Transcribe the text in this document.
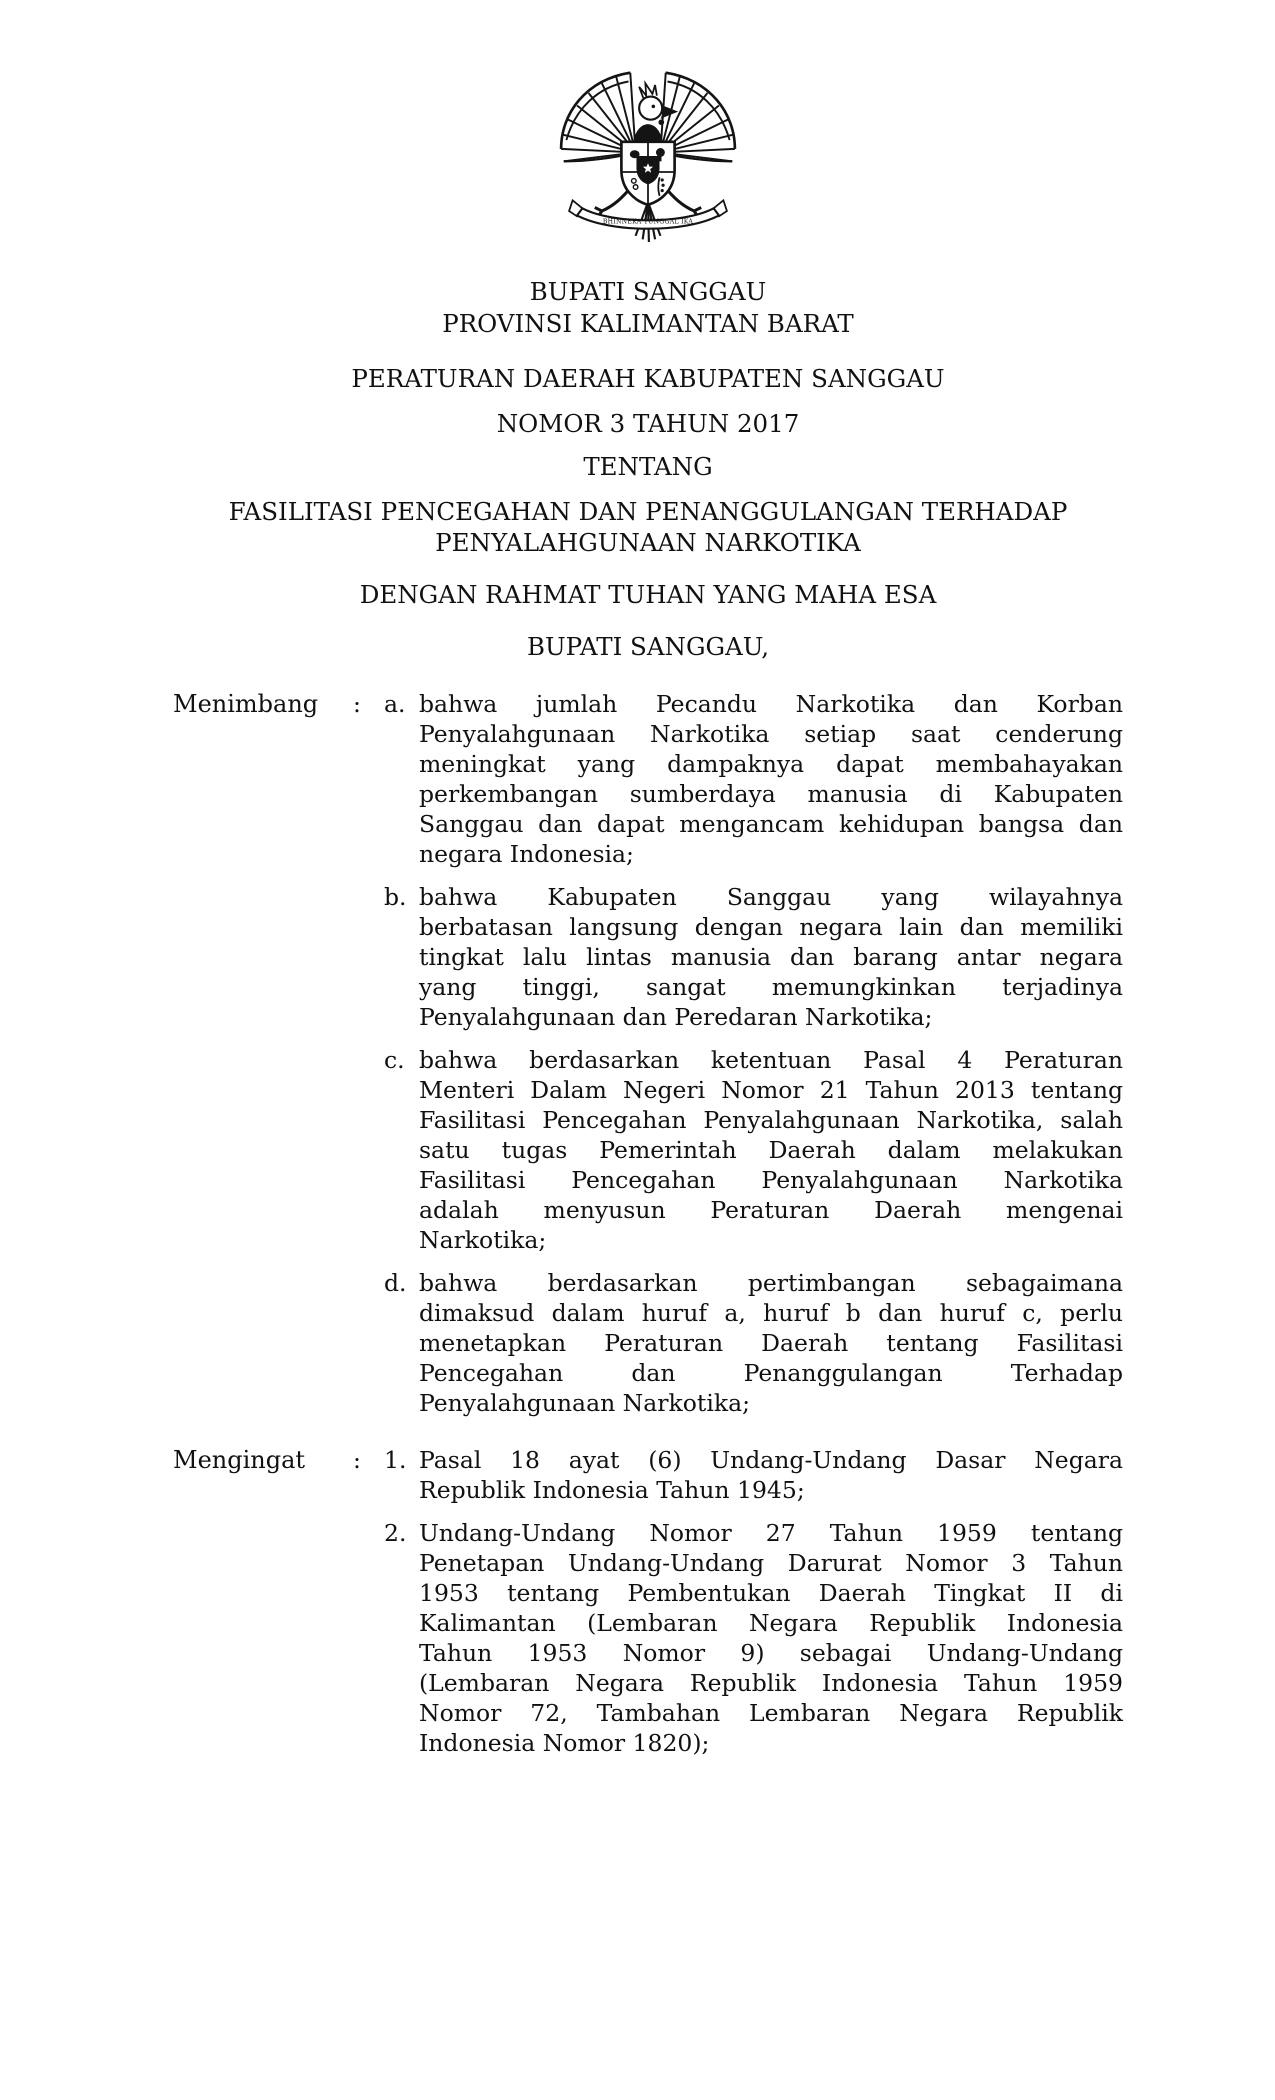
BHINNEKA TUNGGAL IKA
BUPATI SANGGAU
PROVINSI KALIMANTAN BARAT
PERATURAN DAERAH KABUPATEN SANGGAU
NOMOR 3 TAHUN 2017
TENTANG
FASILITASI PENCEGAHAN DAN PENANGGULANGAN TERHADAP
PENYALAHGUNAAN NARKOTIKA
DENGAN RAHMAT TUHAN YANG MAHA ESA
BUPATI SANGGAU,
Menimbang	: a. bahwa jumlah Pecandu Narkotika dan Korban
Penyalahgunaan Narkotika setiap saat cenderung
meningkat yang dampaknya dapat membahayakan
perkembangan sumberdaya manusia di Kabupaten
Sanggau dan dapat mengancam kehidupan bangsa dan
negara Indonesia;
b. bahwa Kabupaten Sanggau yang wilayahnya
berbatasan langsung dengan negara lain dan memiliki
tingkat lalu lintas manusia dan barang antar negara
yang tinggi, sangat memungkinkan terjadinya
Penyalahgunaan dan Peredaran Narkotika;
c. bahwa berdasarkan ketentuan Pasal 4 Peraturan
Menteri Dalam Negeri Nomor 21 Tahun 2013 tentang
Fasilitasi Pencegahan Penyalahgunaan Narkotika, salah
satu tugas Pemerintah Daerah dalam melakukan
Fasilitasi Pencegahan Penyalahgunaan Narkotika
adalah menyusun Peraturan Daerah mengenai
Narkotika;
d. bahwa berdasarkan pertimbangan sebagaimana
dimaksud dalam huruf a, huruf b dan huruf c, perlu
menetapkan Peraturan Daerah tentang Fasilitasi
Pencegahan dan Penanggulangan Terhadap
Penyalahgunaan Narkotika;
Mengingat	: 1. Pasal 18 ayat (6) Undang-Undang Dasar Negara
Republik Indonesia Tahun 1945;
2. Undang-Undang Nomor 27 Tahun 1959 tentang
Penetapan Undang-Undang Darurat Nomor 3 Tahun
1953 tentang Pembentukan Daerah Tingkat II di
Kalimantan (Lembaran Negara Republik Indonesia
Tahun 1953 Nomor 9) sebagai Undang-Undang
(Lembaran Negara Republik Indonesia Tahun 1959
Nomor 72, Tambahan Lembaran Negara Republik
Indonesia Nomor 1820);
